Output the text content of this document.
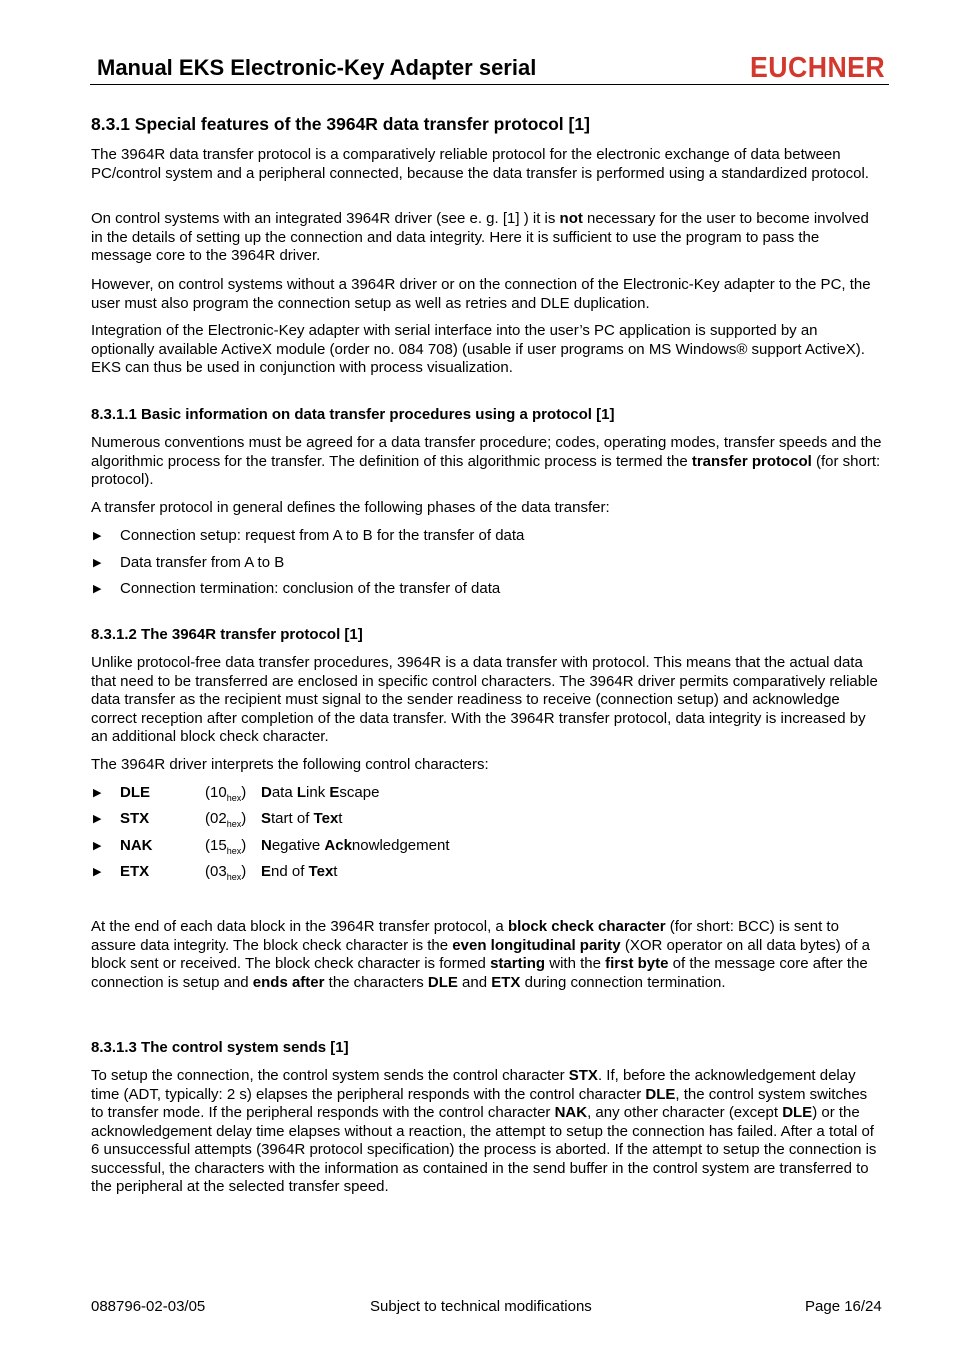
Manual EKS Electronic-Key Adapter serial	EUCHNER
8.3.1 Special features of the 3964R data transfer protocol [1]
The 3964R data transfer protocol is a comparatively reliable protocol for the electronic exchange of data between PC/control system and a peripheral connected, because the data transfer is performed using a standardized protocol.
On control systems with an integrated 3964R driver (see e. g. [1] ) it is not necessary for the user to become involved in the details of setting up the connection and data integrity. Here it is sufficient to use the program to pass the message core to the 3964R driver.
However, on control systems without a 3964R driver or on the connection of the Electronic-Key adapter to the PC, the user must also program the connection setup as well as retries and DLE duplication.
Integration of the Electronic-Key adapter with serial interface into the user’s PC application is supported by an optionally available ActiveX module (order no. 084 708) (usable if user programs on MS Windows® support ActiveX). EKS can thus be used in conjunction with process visualization.
8.3.1.1 Basic information on data transfer procedures using a protocol [1]
Numerous conventions must be agreed for a data transfer procedure; codes, operating modes, transfer speeds and the algorithmic process for the transfer. The definition of this algorithmic process is termed the transfer protocol (for short: protocol).
A transfer protocol in general defines the following phases of the data transfer:
▶ Connection setup: request from A to B for the transfer of data
▶ Data transfer from A to B
▶ Connection termination: conclusion of the transfer of data
8.3.1.2 The 3964R transfer protocol [1]
Unlike protocol-free data transfer procedures, 3964R is a data transfer with protocol. This means that the actual data that need to be transferred are enclosed in specific control characters. The 3964R driver permits comparatively reliable data transfer as the recipient must signal to the sender readiness to receive (connection setup) and acknowledge correct reception after completion of the data transfer. With the 3964R transfer protocol, data integrity is increased by an additional block check character.
The 3964R driver interprets the following control characters:
▶ DLE	$(10_{hex})$ Data Link Escape
▶ STX	$(02_{hex})$ Start of Text
▶ NAK	$(15_{hex})$ Negative Acknowledgement
▶ ETX	$(03_{hex})$ End of Text
At the end of each data block in the 3964R transfer protocol, a block check character (for short: BCC) is sent to assure data integrity. The block check character is the even longitudinal parity (XOR operator on all data bytes) of a block sent or received. The block check character is formed starting with the first byte of the message core after the connection is setup and ends after the characters DLE and ETX during connection termination.
8.3.1.3 The control system sends [1]
To setup the connection, the control system sends the control character STX. If, before the acknowledgement delay time (ADT, typically: 2 s) elapses the peripheral responds with the control character DLE, the control system switches to transfer mode. If the peripheral responds with the control character NAK, any other character (except DLE) or the acknowledgement delay time elapses without a reaction, the attempt to setup the connection has failed. After a total of 6 unsuccessful attempts (3964R protocol specification) the process is aborted. If the attempt to setup the connection is successful, the characters with the information as contained in the send buffer in the control system are transferred to the peripheral at the selected transfer speed.
088796-02-03/05	Subject to technical modifications	Page 16/24
